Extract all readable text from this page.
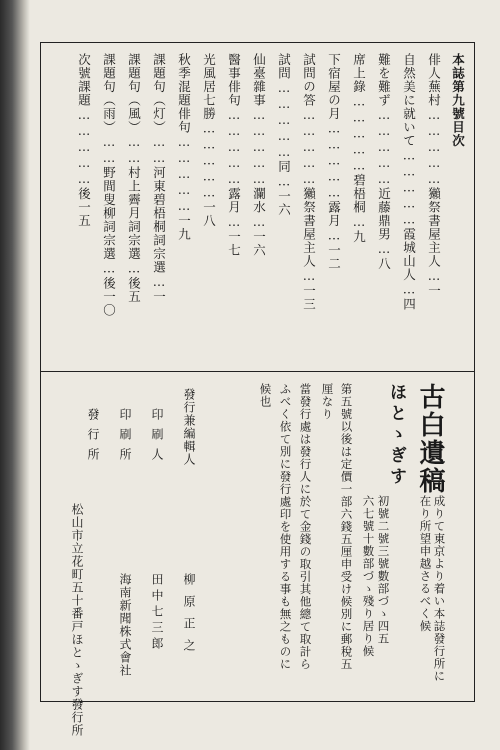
本誌第九號目次
俳人蕪村……………獺祭書屋主人…一
自然美に就いて……………霞城山人…四
難を難ず……………近藤鼎男…八
席上錄……………碧梧桐…九
下宿屋の月……………露月…一二
試問の答……………獺祭書屋主人…一三
試問……………同…一六
仙臺雜事……………瀾水…一六
醫事俳句……………露月…一七
光風居七勝……………一八
秋季混題俳句……………一九
課題句（灯）……河東碧梧桐詞宗選…一
課題句（風）……村上霽月詞宗選…後五
課題句（雨）……野間叟柳詞宗選…後一〇
次號課題……………後一五
古白遺稿
成りて東京より着い本誌發行所に
在り所望申越さるべく候
ほとゝぎす
初號二號三號數部づゝ四五
六七號十數部づゝ殘り居り候
第五號以後は定價一部六錢五厘申受け候別に郵稅五
厘なり
當發行處は發行人に於て金錢の取引其他總て取計ら
ふべく依て別に發行處印を使用する事も無之ものに
候也
發行兼編輯人
柳原正之
印刷人
田中七三郎
印刷所
海南新聞株式會社
發行所
松山市立花町五十番戸ほとゝぎす發行所
